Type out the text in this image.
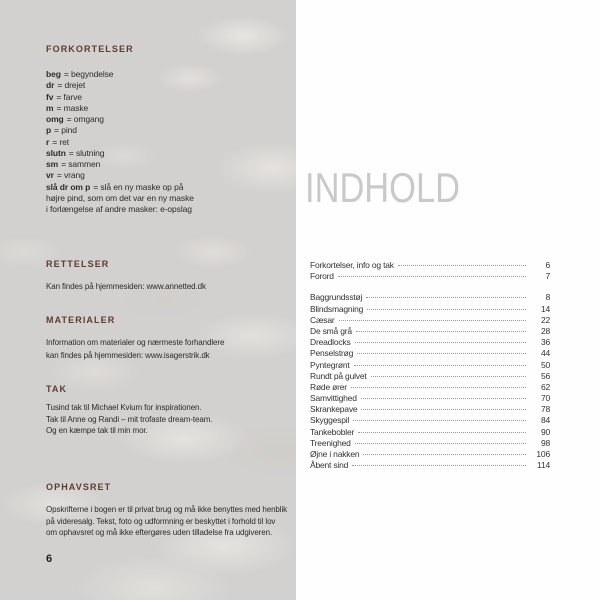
FORKORTELSER
beg = begyndelse
dr = drejet
fv = farve
m = maske
omg = omgang
p = pind
r = ret
slutn = slutning
sm = sammen
vr = vrang
slå dr om p = slå en ny maske op på
højre pind, som om det var en ny maske
i forlængelse af andre masker: e-opslag
RETTELSER
Kan findes på hjemmesiden: www.annetted.dk
MATERIALER
Information om materialer og nærmeste forhandlere
kan findes på hjemmesiden: www.isagerstrik.dk
TAK
Tusind tak til Michael Kvium for inspirationen.
Tak til Anne og Randi – mit trofaste dream-team.
Og en kæmpe tak til min mor.
OPHAVSRET
Opskrifterne i bogen er til privat brug og må ikke benyttes med henblik
på videresalg. Tekst, foto og udformning er beskyttet i forhold til lov
om ophavsret og må ikke eftergøres uden tilladelse fra udgiveren.
6
INDHOLD
Forkortelser, info og tak	6
Forord	7
Baggrundsstøj	8
Blindsmagning	14
Cæsar	22
De små grå	28
Dreadlocks	36
Penselstrøg	44
Pyntegrønt	50
Rundt på gulvet	56
Røde ører	62
Samvittighed	70
Skrankepave	78
Skyggespil	84
Tankebobler	90
Treenighed	98
Øjne i nakken	106
Åbent sind	114
